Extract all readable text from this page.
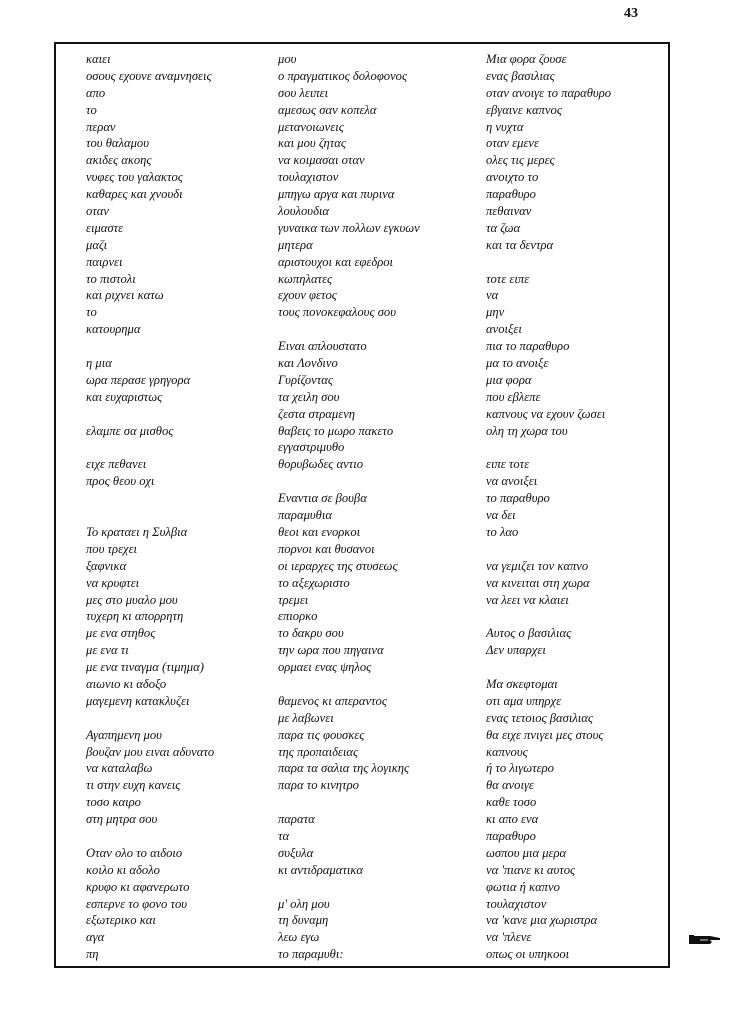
43
καιει
οσους εχουνε αναμνησεις
απο
το
περαν
του θαλαμου
ακιδες ακοης
νυφες του γαλακτος
καθαρες και χνουδι
οταν
ειμαστε
μαζι
παιρνει
το πιστολι
και ριχνει κατω
το
κατουρημα
η μια
ωρα περασε γρηγορα
και ευχαριστως
ελαμπε σα μισθος
ειχε πεθανει
προς θεου οχι
Το κραταει η Συλβια
που τρεχει
ξαφνικα
να κρυφτει
μες στο μυαλο μου
τυχερη κι απορρητη
με ενα στηθος
με ενα τι
με ενα τιναγμα (τιμημα)
αιωνιο κι αδοξο
μαγεμενη κατακλυζει
Αγαπημενη μου
βουζαν μου ειναι αδυνατο
να καταλαβω
τι στην ευχη κανεις
τοσο καιρο
στη μητρα σου
Οταν ολο το αιδοιο
κοιλο κι αδολο
κρυφο κι αφανερωτο
εσπερνε το φονο του
εξωτερικο και
αγα
πη
μου
ο πραγματικος δολοφονος
σου λειπει
αμεσως σαν κοπελα
μετανοιωνεις
και μου ζητας
να κοιμασαι οταν
τουλαχιστον
μπηγω αργα και πυρινα
λουλουδια
γυναικα των πολλων εγκυων
μητερα
αριστουχοι και εφεδροι
κωπηλατες
εχουν φετος
τους πονοκεφαλους σου
Ειναι απλουστατο
και Λονδινο
Γυρίζοντας
τα χειλη σου
ζεστα στραμενη
θαβεις το μωρο πακετο
εγγαστριμυθο
θορυβωδες αντιο
Εναντια σε βουβα
παραμυθια
θεοι και ενορκοι
πορνοι και θυσανοι
οι ιεραρχες της στυσεως
το αξεχωριστο
τρεμει
επιορκο
το δακρυ σου
την ωρα που πηγαινα
ορμαει ενας ψηλος
θαμενος κι απεραντος
με λαβωνει
παρα τις φουσκες
της προπαιδειας
παρα τα σαλια της λογικης
παρα το κινητρο
παρατα
τα
συξυλα
κι αντιδραματικα
μ' ολη μου
τη δυναμη
λεω εγω
το παραμυθι:
Μια φορα ζουσε
ενας βασιλιας
οταν ανοιγε το παραθυρο
εβγαινε καπνος
η νυχτα
οταν εμενε
ολες τις μερες
ανοιχτο το
παραθυρο
πεθαιναν
τα ζωα
και τα δεντρα
τοτε ειπε
να
μην
ανοιξει
πια το παραθυρο
μα το ανοιξε
μια φορα
που εβλεπε
καπνους να εχουν ζωσει
ολη τη χωρα του
ειπε τοτε
να ανοιξει
το παραθυρο
να δει
το λαο
να γεμιζει τον καπνο
να κινειται στη χωρα
να λεει να κλαιει
Αυτος ο βασιλιας
Δεν υπαρχει
Μα σκεφτομαι
οτι αμα υπηρχε
ενας τετοιος βασιλιας
θα ειχε πνιγει μες στους
καπνους
ή το λιγωτερο
θα ανοιγε
καθε τοσο
κι απο ενα
παραθυρο
ωσπου μια μερα
να 'πιανε κι αυτος
φωτια ή καπνο
τουλαχιστον
να 'κανε μια χωριστρα
να 'πλενε
οπως οι υπηκοοι
